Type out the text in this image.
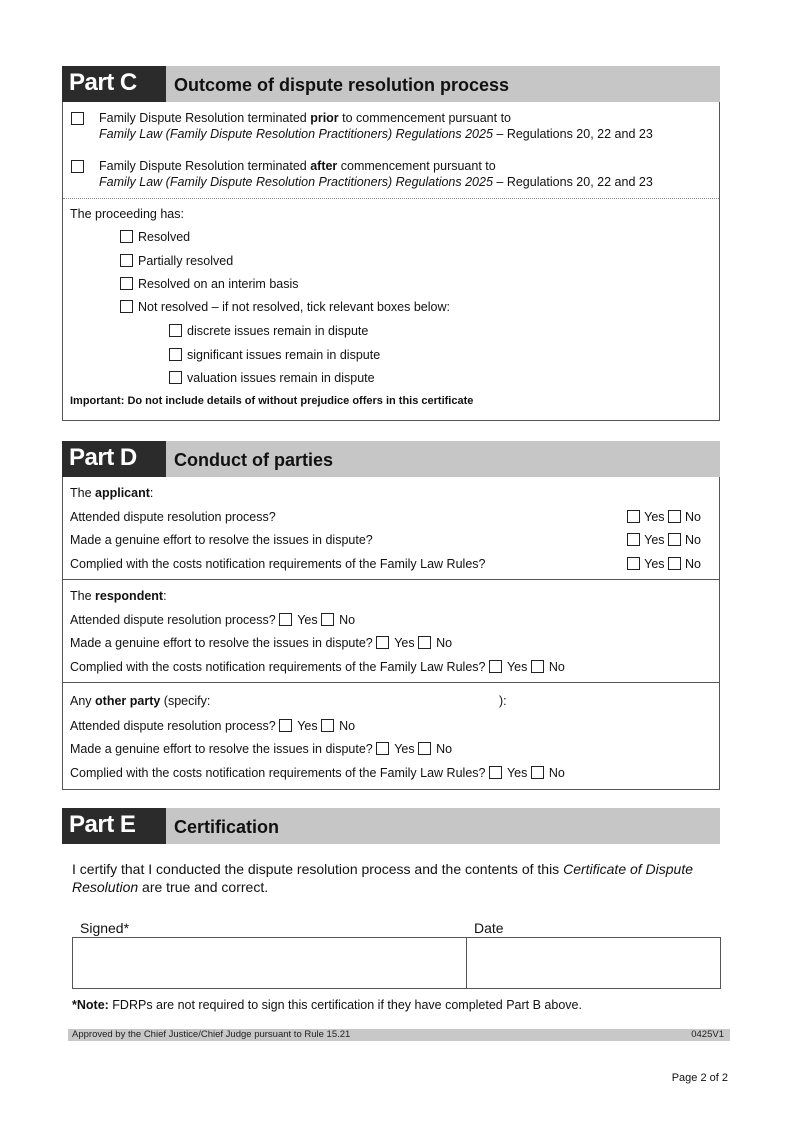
Part C	Outcome of dispute resolution process
Family Dispute Resolution terminated prior to commencement pursuant to
Family Law (Family Dispute Resolution Practitioners) Regulations 2025 – Regulations 20, 22 and 23
Family Dispute Resolution terminated after commencement pursuant to
Family Law (Family Dispute Resolution Practitioners) Regulations 2025 – Regulations 20, 22 and 23
The proceeding has:
Resolved
Partially resolved
Resolved on an interim basis
Not resolved – if not resolved, tick relevant boxes below:
discrete issues remain in dispute
significant issues remain in dispute
valuation issues remain in dispute
Important: Do not include details of without prejudice offers in this certificate
Part D	Conduct of parties
The applicant:
Attended dispute resolution process?	Yes No
Made a genuine effort to resolve the issues in dispute?	Yes No
Complied with the costs notification requirements of the Family Law Rules?	Yes No
The respondent:
Attended dispute resolution process? Yes No
Made a genuine effort to resolve the issues in dispute? Yes No
Complied with the costs notification requirements of the Family Law Rules? Yes No
Any other party (specify:	):
Attended dispute resolution process? Yes No
Made a genuine effort to resolve the issues in dispute? Yes No
Complied with the costs notification requirements of the Family Law Rules? Yes No
Part E	Certification
I certify that I conducted the dispute resolution process and the contents of this Certificate of Dispute Resolution are true and correct.
Signed*	Date
*Note: FDRPs are not required to sign this certification if they have completed Part B above.
Approved by the Chief Justice/Chief Judge pursuant to Rule 15.21	0425V1
Page 2 of 2
